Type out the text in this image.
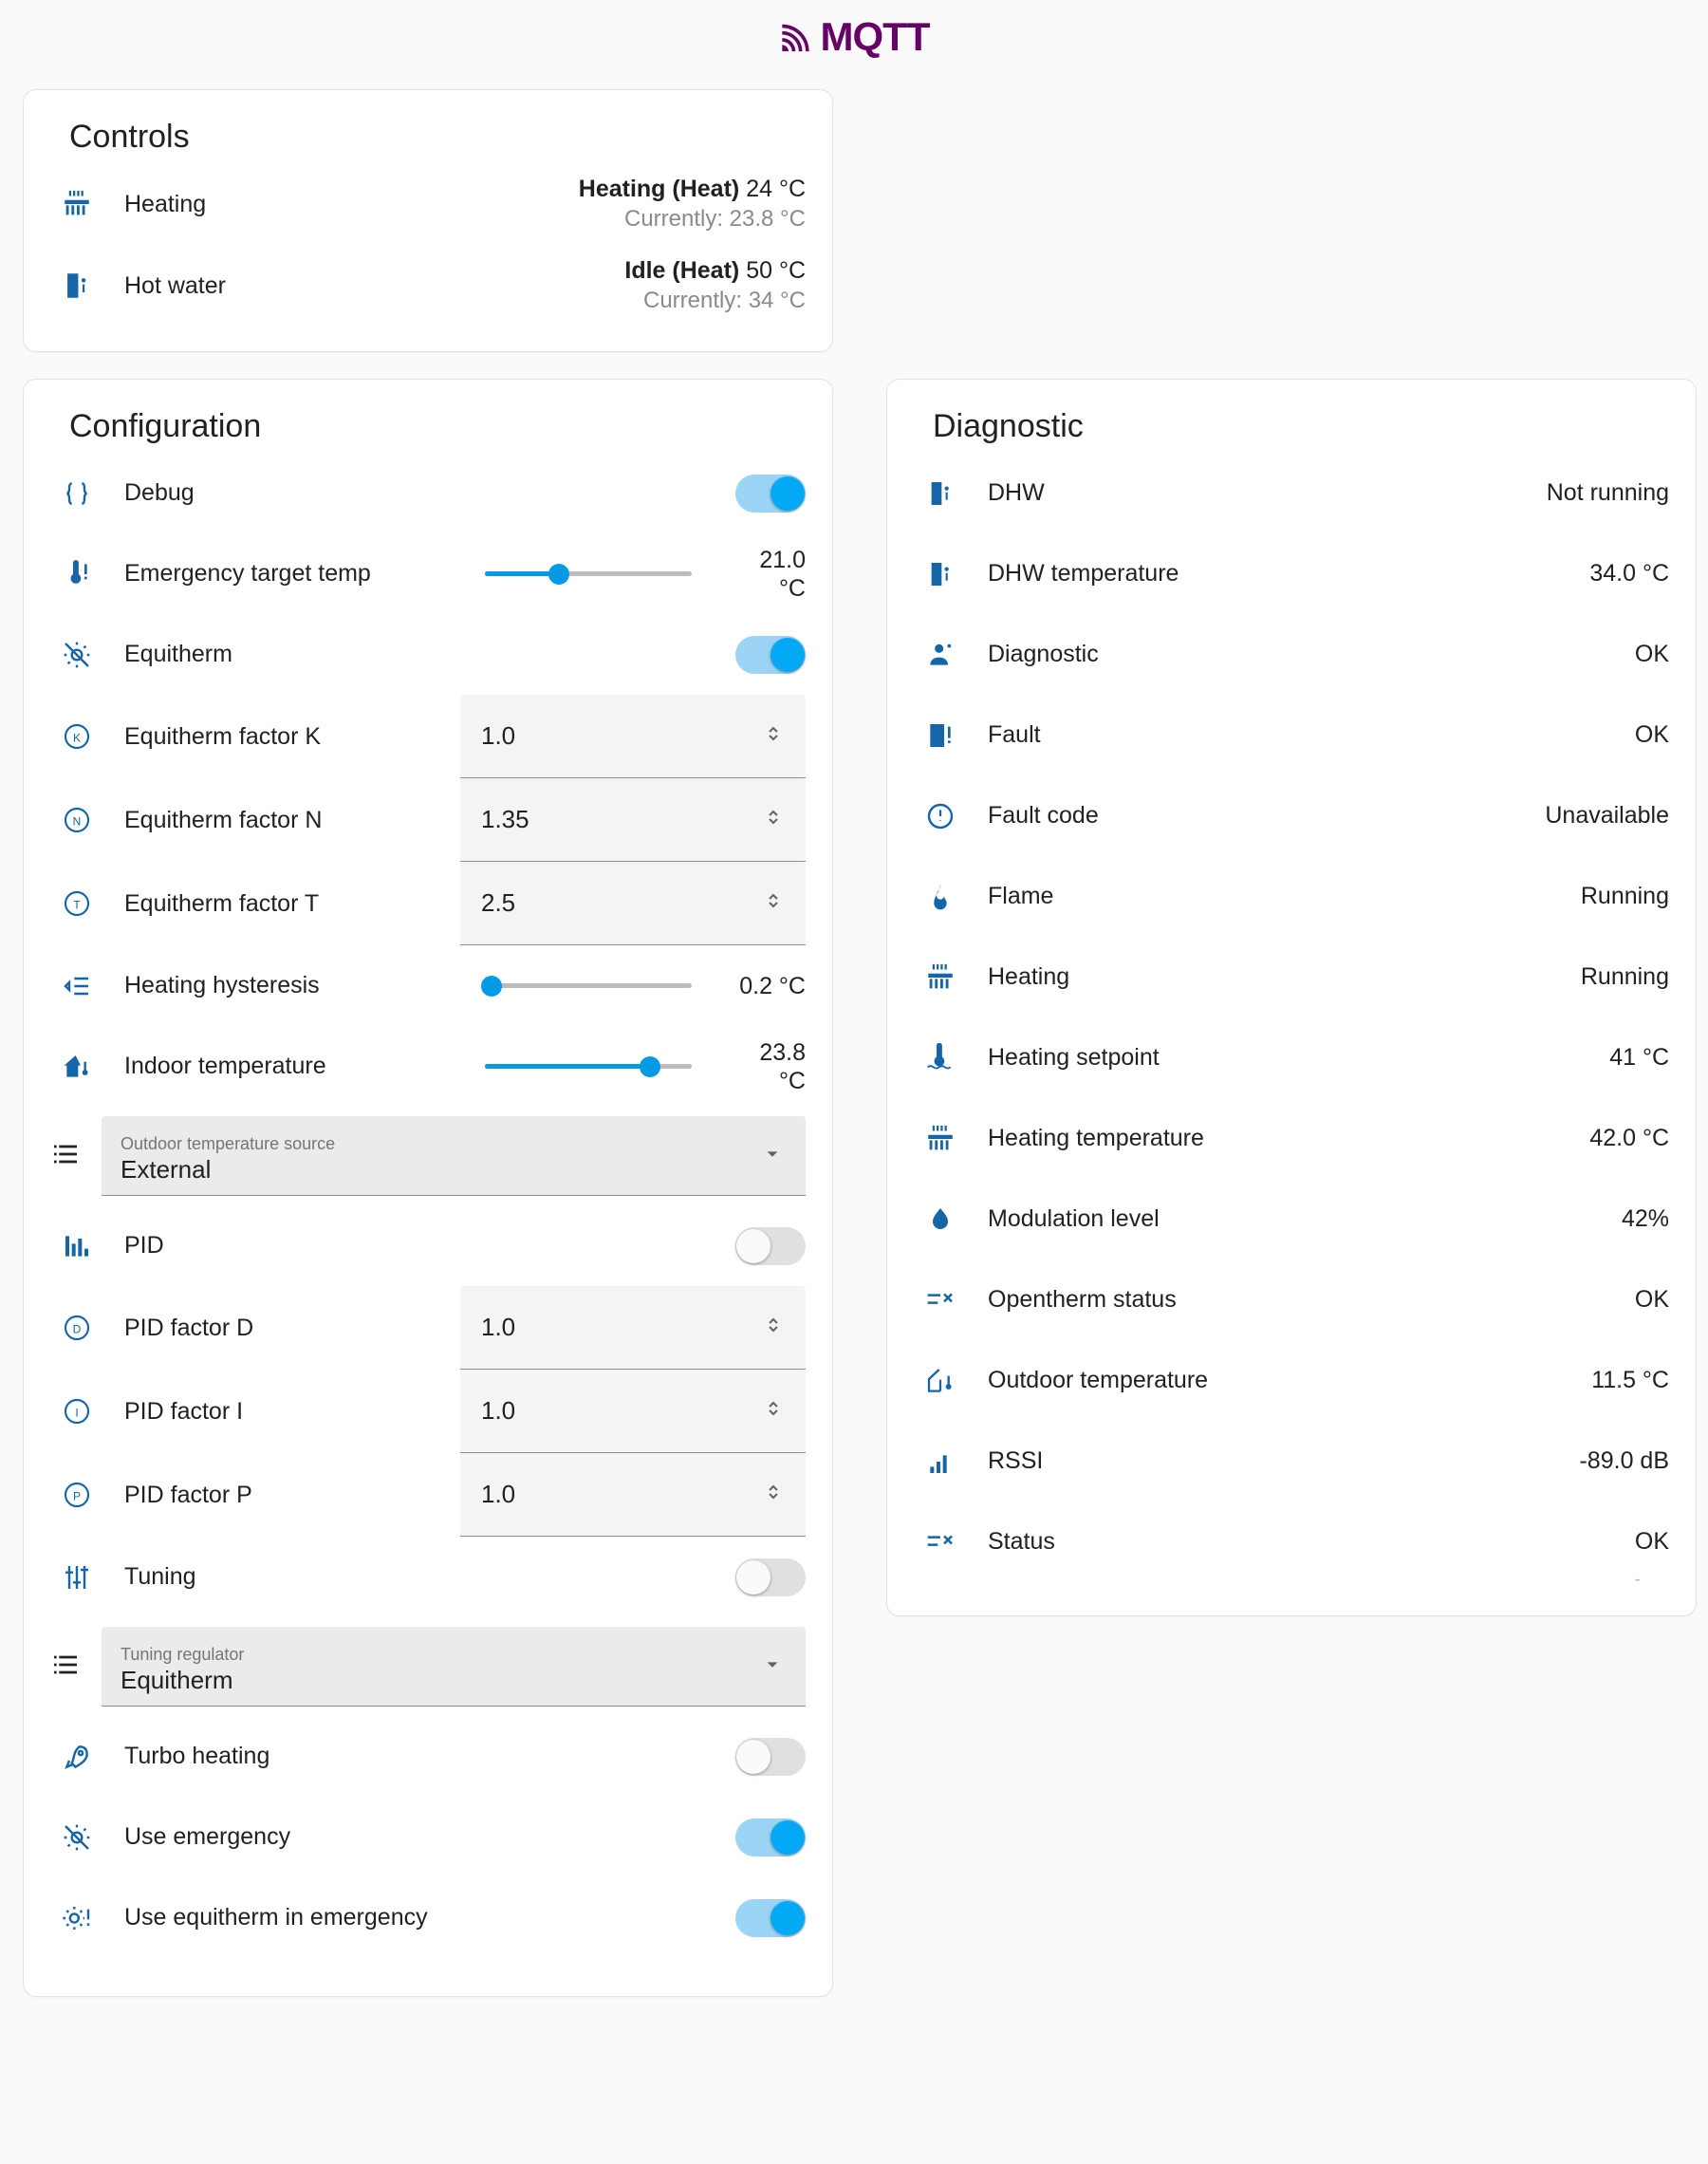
MQTT
Controls
Heating
Heating (Heat) 24 °C
Currently: 23.8 °C
Hot water
Idle (Heat) 50 °C
Currently: 34 °C
Configuration
Debug
Emergency target temp
21.0
°C
Equitherm
K	Equitherm factor K	1.0
N	Equitherm factor N	1.35
T	Equitherm factor T	2.5
Heating hysteresis	0.2 °C
Indoor temperature
23.8
°C
Outdoor temperature source
External
PID
D	PID factor D	1.0
I	PID factor I	1.0
P	PID factor P	1.0
Tuning
Tuning regulator
Equitherm
Turbo heating
Use emergency
Use equitherm in emergency
Diagnostic
DHW	Not running
DHW temperature	34.0 °C
Diagnostic	OK
Fault	OK
Fault code	Unavailable
Flame	Running
Heating	Running
Heating setpoint	41 °C
Heating temperature	42.0 °C
Modulation level	42%
Opentherm status	OK
Outdoor temperature	11.5 °C
RSSI	-89.0 dB
Status	OK
-
